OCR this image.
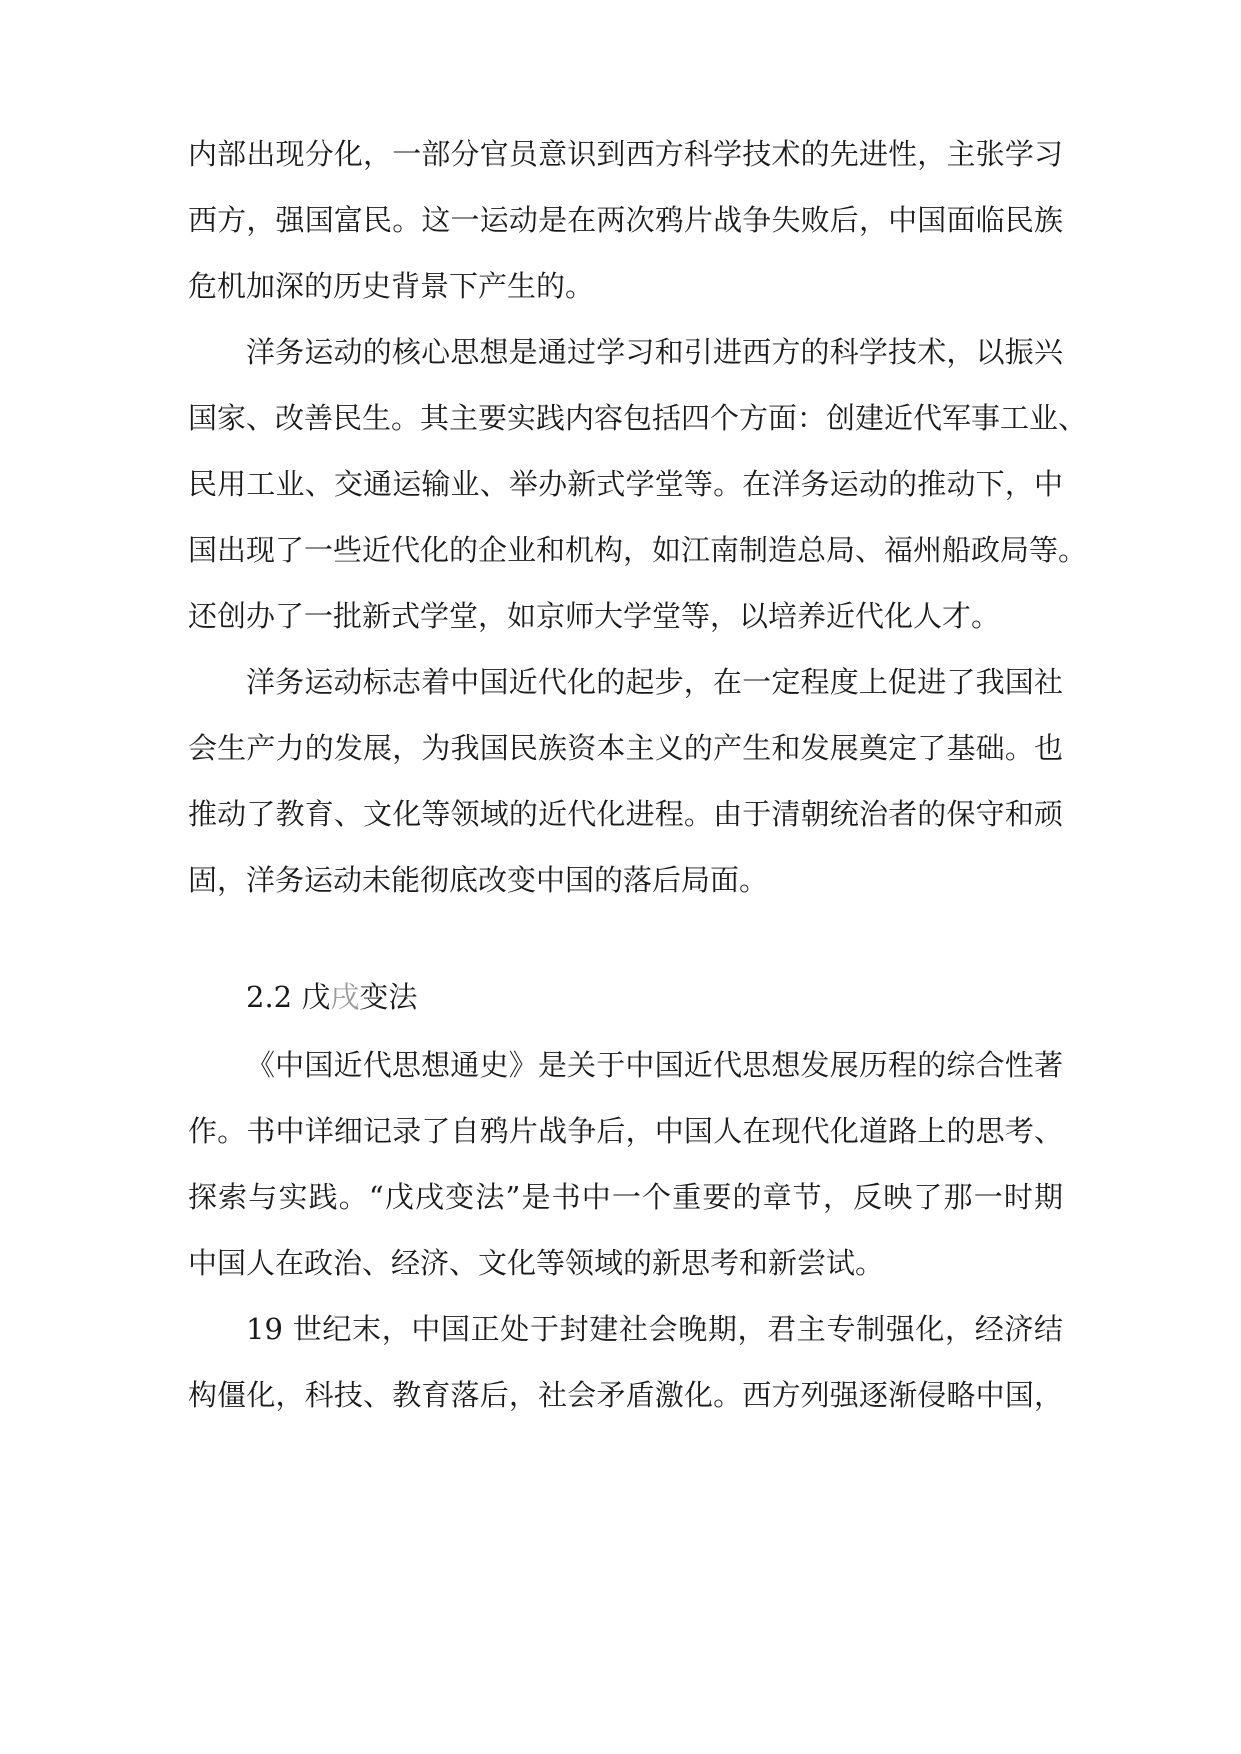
内部出现分化，一部分官员意识到西方科学技术的先进性，主张学习
西方，强国富民。这一运动是在两次鸦片战争失败后，中国面临民族
危机加深的历史背景下产生的。
洋务运动的核心思想是通过学习和引进西方的科学技术，以振兴
国家、改善民生。其主要实践内容包括四个方面：创建近代军事工业、
民用工业、交通运输业、举办新式学堂等。在洋务运动的推动下，中
国出现了一些近代化的企业和机构，如江南制造总局、福州船政局等。
还创办了一批新式学堂，如京师大学堂等，以培养近代化人才。
洋务运动标志着中国近代化的起步，在一定程度上促进了我国社
会生产力的发展，为我国民族资本主义的产生和发展奠定了基础。也
推动了教育、文化等领域的近代化进程。由于清朝统治者的保守和顽
固，洋务运动未能彻底改变中国的落后局面。
2.2 戊戌变法
《中国近代思想通史》是关于中国近代思想发展历程的综合性著
作。书中详细记录了自鸦片战争后，中国人在现代化道路上的思考、
探索与实践。“戊戌变法”是书中一个重要的章节，反映了那一时期
中国人在政治、经济、文化等领域的新思考和新尝试。
19 世纪末，中国正处于封建社会晚期，君主专制强化，经济结
构僵化，科技、教育落后，社会矛盾激化。西方列强逐渐侵略中国，
